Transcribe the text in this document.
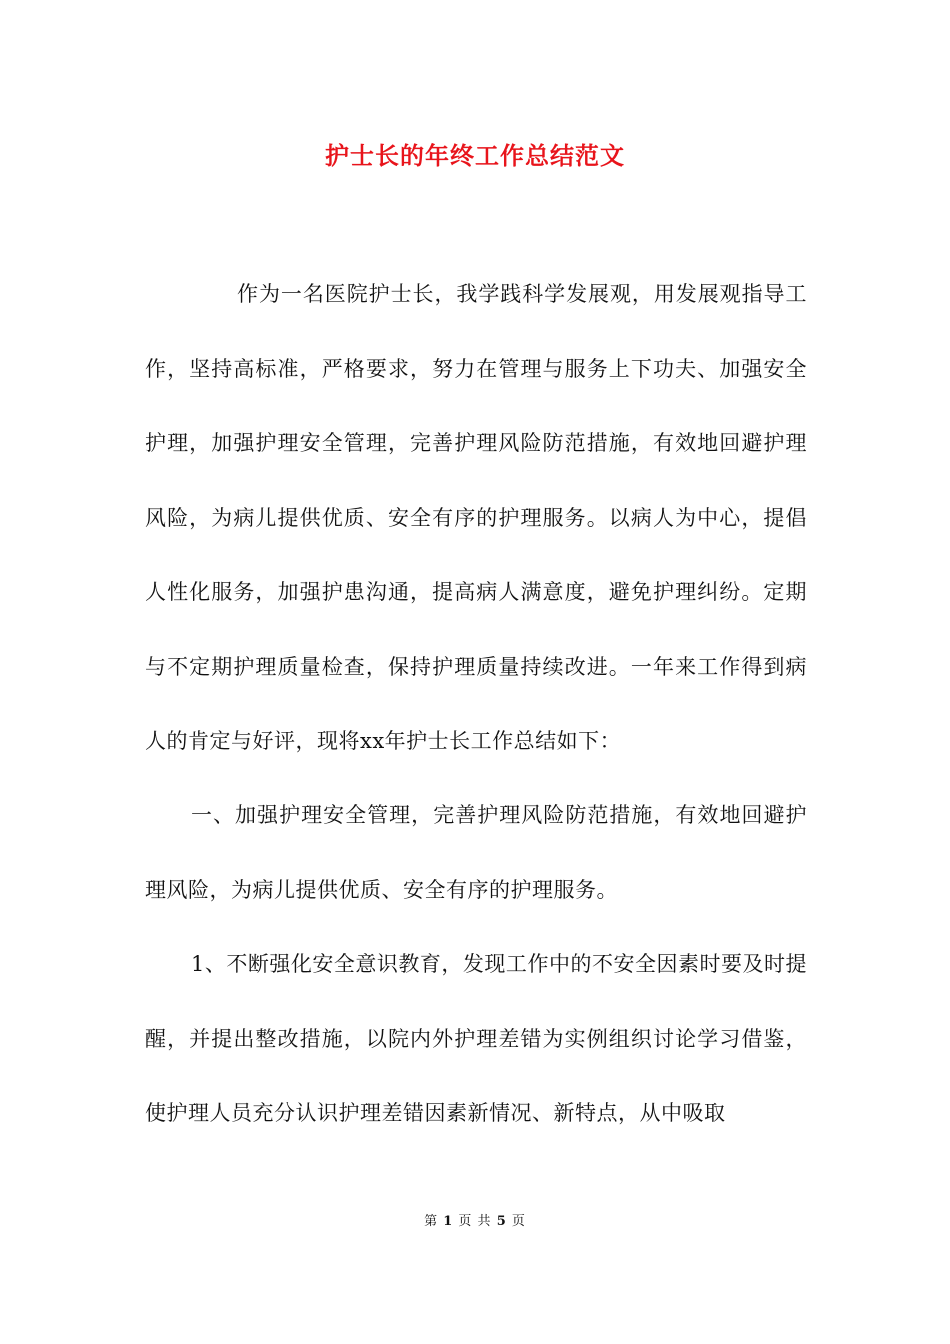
护士长的年终工作总结范文
作为一名医院护士长，我学践科学发展观，用发展观指导工作，坚持高标准，严格要求，努力在管理与服务上下功夫、加强安全护理，加强护理安全管理，完善护理风险防范措施，有效地回避护理风险，为病儿提供优质、安全有序的护理服务。以病人为中心，提倡人性化服务，加强护患沟通，提高病人满意度，避免护理纠纷。定期与不定期护理质量检查，保持护理质量持续改进。一年来工作得到病人的肯定与好评，现将xx年护士长工作总结如下：
一、加强护理安全管理，完善护理风险防范措施，有效地回避护理风险，为病儿提供优质、安全有序的护理服务。
1、不断强化安全意识教育，发现工作中的不安全因素时要及时提醒，并提出整改措施，以院内外护理差错为实例组织讨论学习借鉴，使护理人员充分认识护理差错因素新情况、新特点，从中吸取
第 1 页 共 5 页
